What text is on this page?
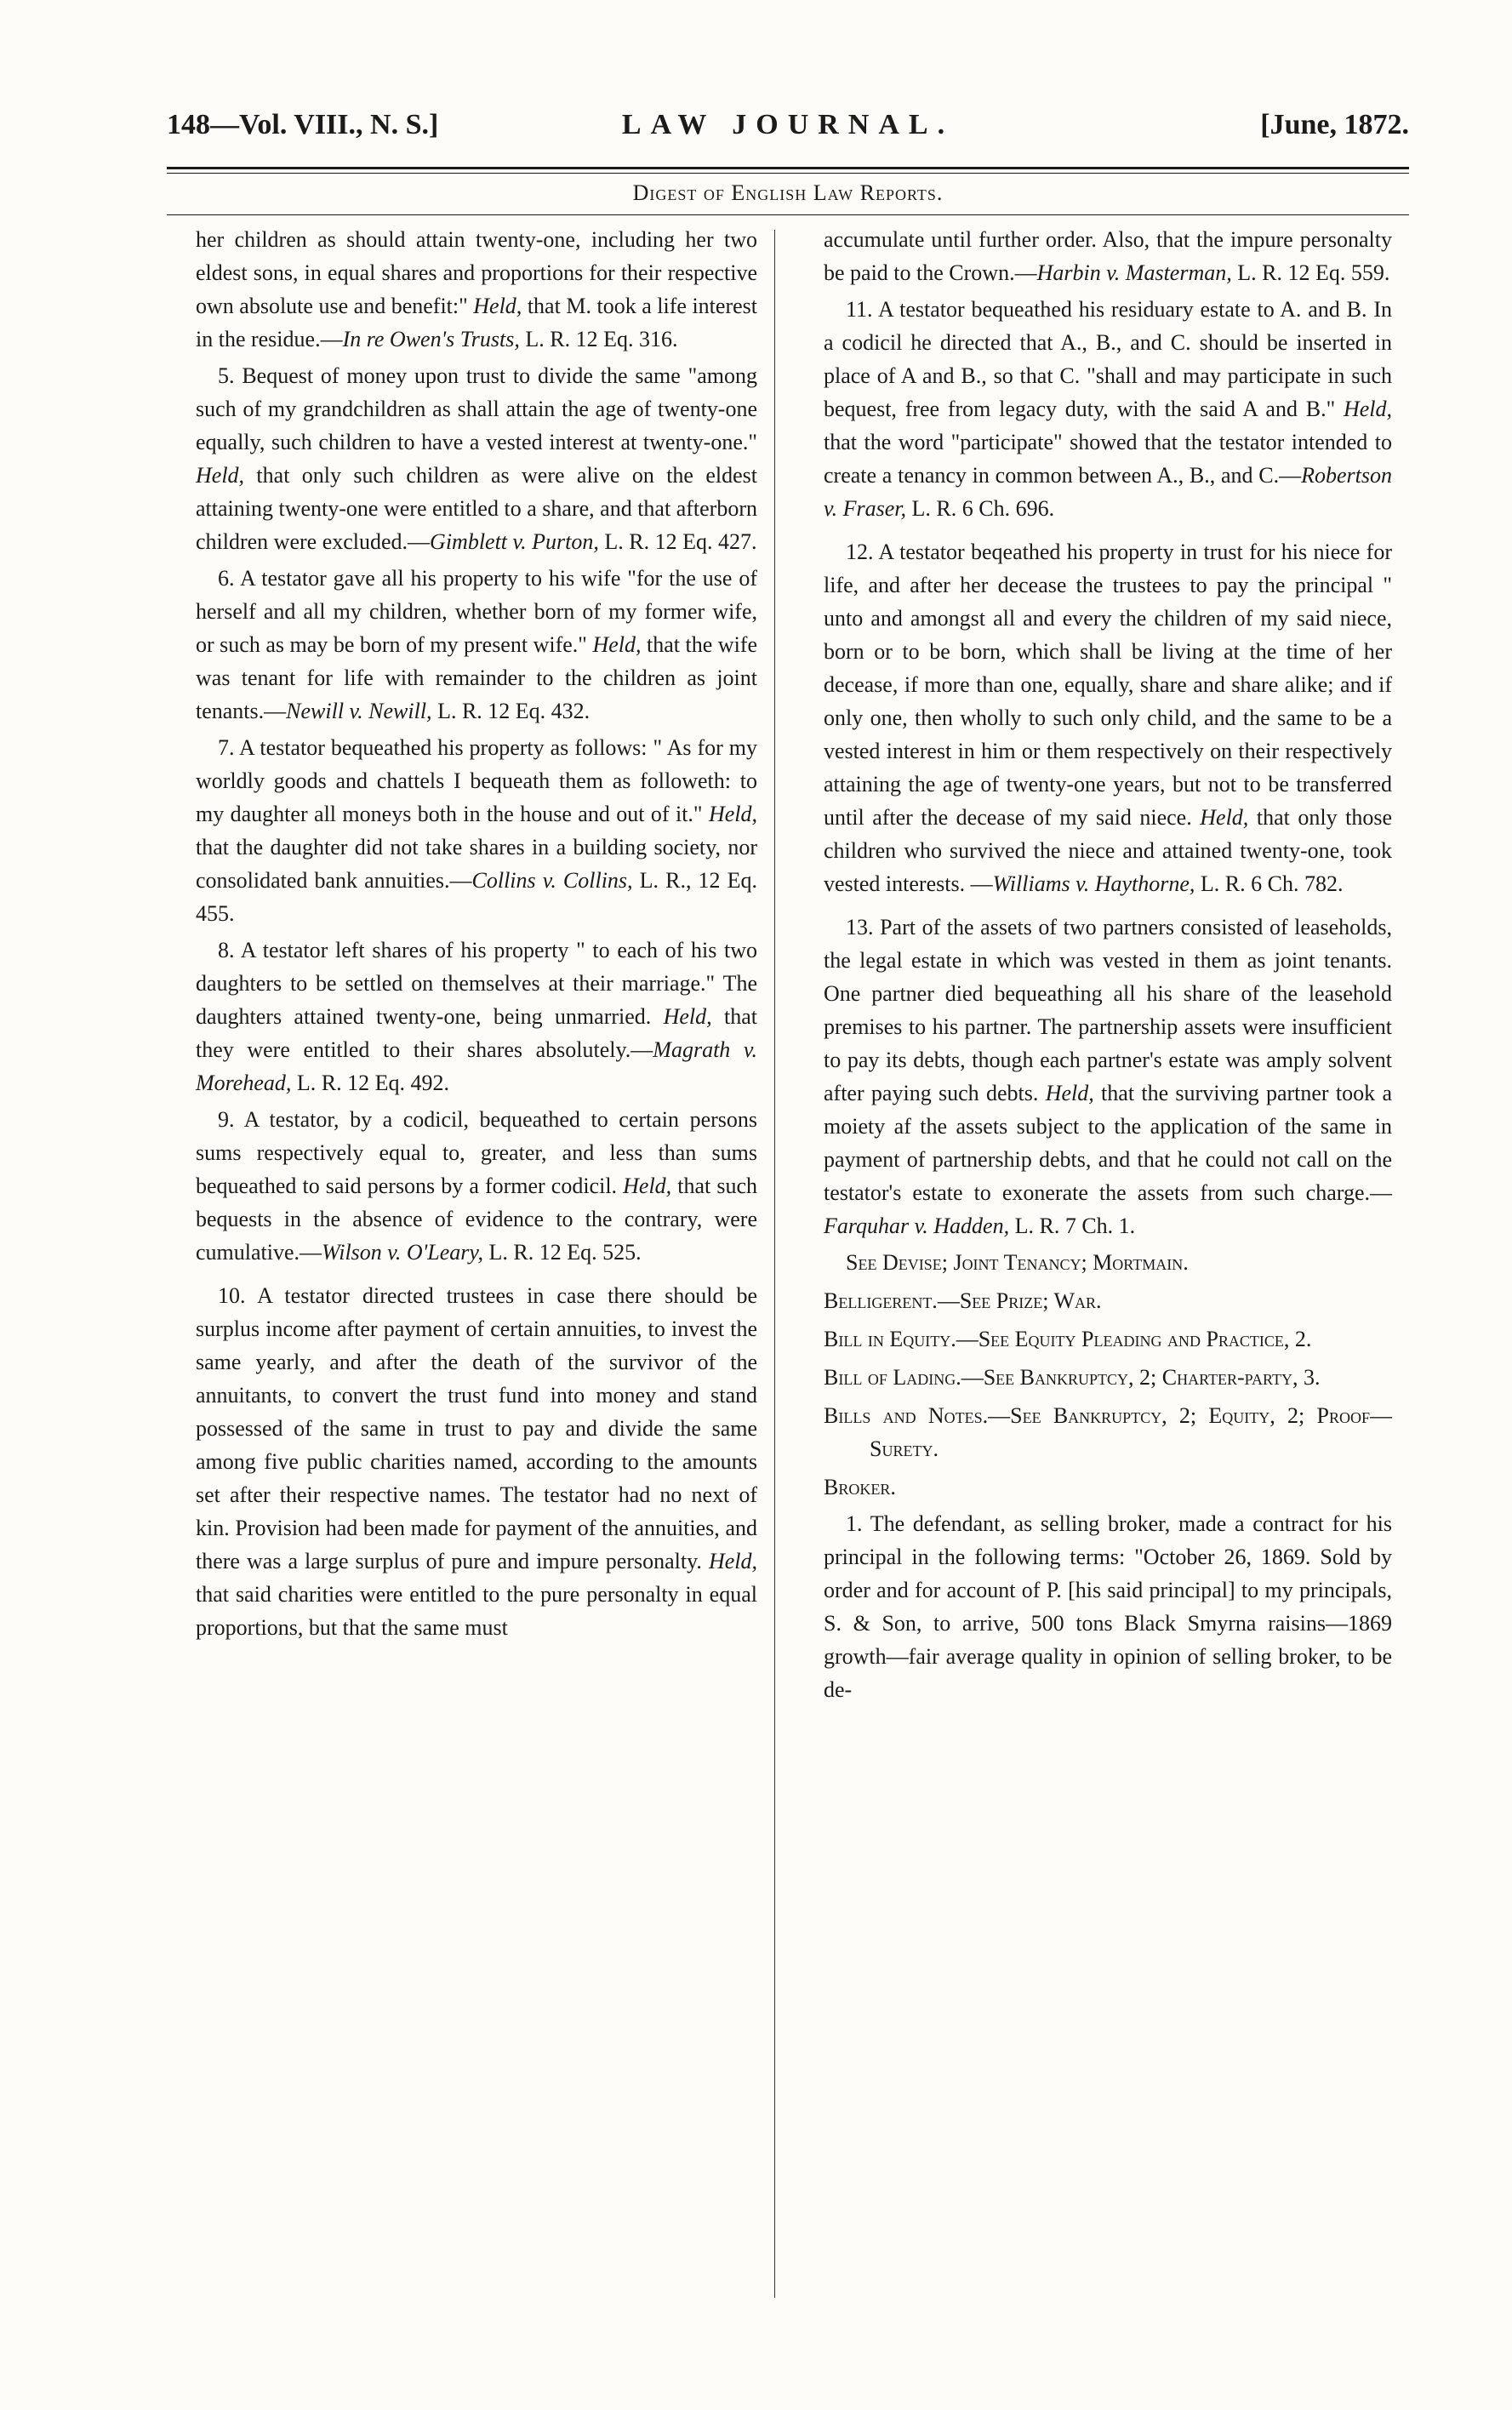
148—Vol. VIII., N. S.]	LAW JOURNAL.	[June, 1872.
Digest of English Law Reports.

her children as should attain twenty-one, including her two eldest sons, in equal shares and proportions for their respective own absolute use and benefit:" Held, that M. took a life interest in the residue.—In re Owen's Trusts, L. R. 12 Eq. 316.

5. Bequest of money upon trust to divide the same "among such of my grandchildren as shall attain the age of twenty-one equally, such children to have a vested interest at twenty-one." Held, that only such children as were alive on the eldest attaining twenty-one were entitled to a share, and that afterborn children were excluded.—Gimblett v. Purton, L. R. 12 Eq. 427.

6. A testator gave all his property to his wife "for the use of herself and all my children, whether born of my former wife, or such as may be born of my present wife." Held, that the wife was tenant for life with remainder to the children as joint tenants.—Newill v. Newill, L. R. 12 Eq. 432.

7. A testator bequeathed his property as follows: " As for my worldly goods and chattels I bequeath them as followeth: to my daughter all moneys both in the house and out of it." Held, that the daughter did not take shares in a building society, nor consolidated bank annuities.—Collins v. Collins, L. R., 12 Eq. 455.

8. A testator left shares of his property " to each of his two daughters to be settled on themselves at their marriage." The daughters attained twenty-one, being unmarried. Held, that they were entitled to their shares absolutely.—Magrath v. Morehead, L. R. 12 Eq. 492.

9. A testator, by a codicil, bequeathed to certain persons sums respectively equal to, greater, and less than sums bequeathed to said persons by a former codicil. Held, that such bequests in the absence of evidence to the contrary, were cumulative.—Wilson v. O'Leary, L. R. 12 Eq. 525.

10. A testator directed trustees in case there should be surplus income after payment of certain annuities, to invest the same yearly, and after the death of the survivor of the annuitants, to convert the trust fund into money and stand possessed of the same in trust to pay and divide the same among five public charities named, according to the amounts set after their respective names. The testator had no next of kin. Provision had been made for payment of the annuities, and there was a large surplus of pure and impure personalty. Held, that said charities were entitled to the pure personalty in equal proportions, but that the same must

accumulate until further order. Also, that the impure personalty be paid to the Crown.—Harbin v. Masterman, L. R. 12 Eq. 559.

11. A testator bequeathed his residuary estate to A. and B. In a codicil he directed that A., B., and C. should be inserted in place of A and B., so that C. "shall and may participate in such bequest, free from legacy duty, with the said A and B." Held, that the word "participate" showed that the testator intended to create a tenancy in common between A., B., and C.—Robertson v. Fraser, L. R. 6 Ch. 696.

12. A testator beqeathed his property in trust for his niece for life, and after her decease the trustees to pay the principal " unto and amongst all and every the children of my said niece, born or to be born, which shall be living at the time of her decease, if more than one, equally, share and share alike; and if only one, then wholly to such only child, and the same to be a vested interest in him or them respectively on their respectively attaining the age of twenty-one years, but not to be transferred until after the decease of my said niece. Held, that only those children who survived the niece and attained twenty-one, took vested interests. —Williams v. Haythorne, L. R. 6 Ch. 782.

13. Part of the assets of two partners consisted of leaseholds, the legal estate in which was vested in them as joint tenants. One partner died bequeathing all his share of the leasehold premises to his partner. The partnership assets were insufficient to pay its debts, though each partner's estate was amply solvent after paying such debts. Held, that the surviving partner took a moiety af the assets subject to the application of the same in payment of partnership debts, and that he could not call on the testator's estate to exonerate the assets from such charge.—Farquhar v. Hadden, L. R. 7 Ch. 1.

See Devise; Joint Tenancy; Mortmain.

Belligerent.—See Prize; War.

Bill in Equity.—See Equity Pleading and Practice, 2.

Bill of Lading.—See Bankruptcy, 2; Charter-party, 3.

Bills and Notes.—See Bankruptcy, 2; Equity, 2; Proof—Surety.

Broker.

1. The defendant, as selling broker, made a contract for his principal in the following terms: "October 26, 1869. Sold by order and for account of P. [his said principal] to my principals, S. & Son, to arrive, 500 tons Black Smyrna raisins—1869 growth—fair average quality in opinion of selling broker, to be de-
